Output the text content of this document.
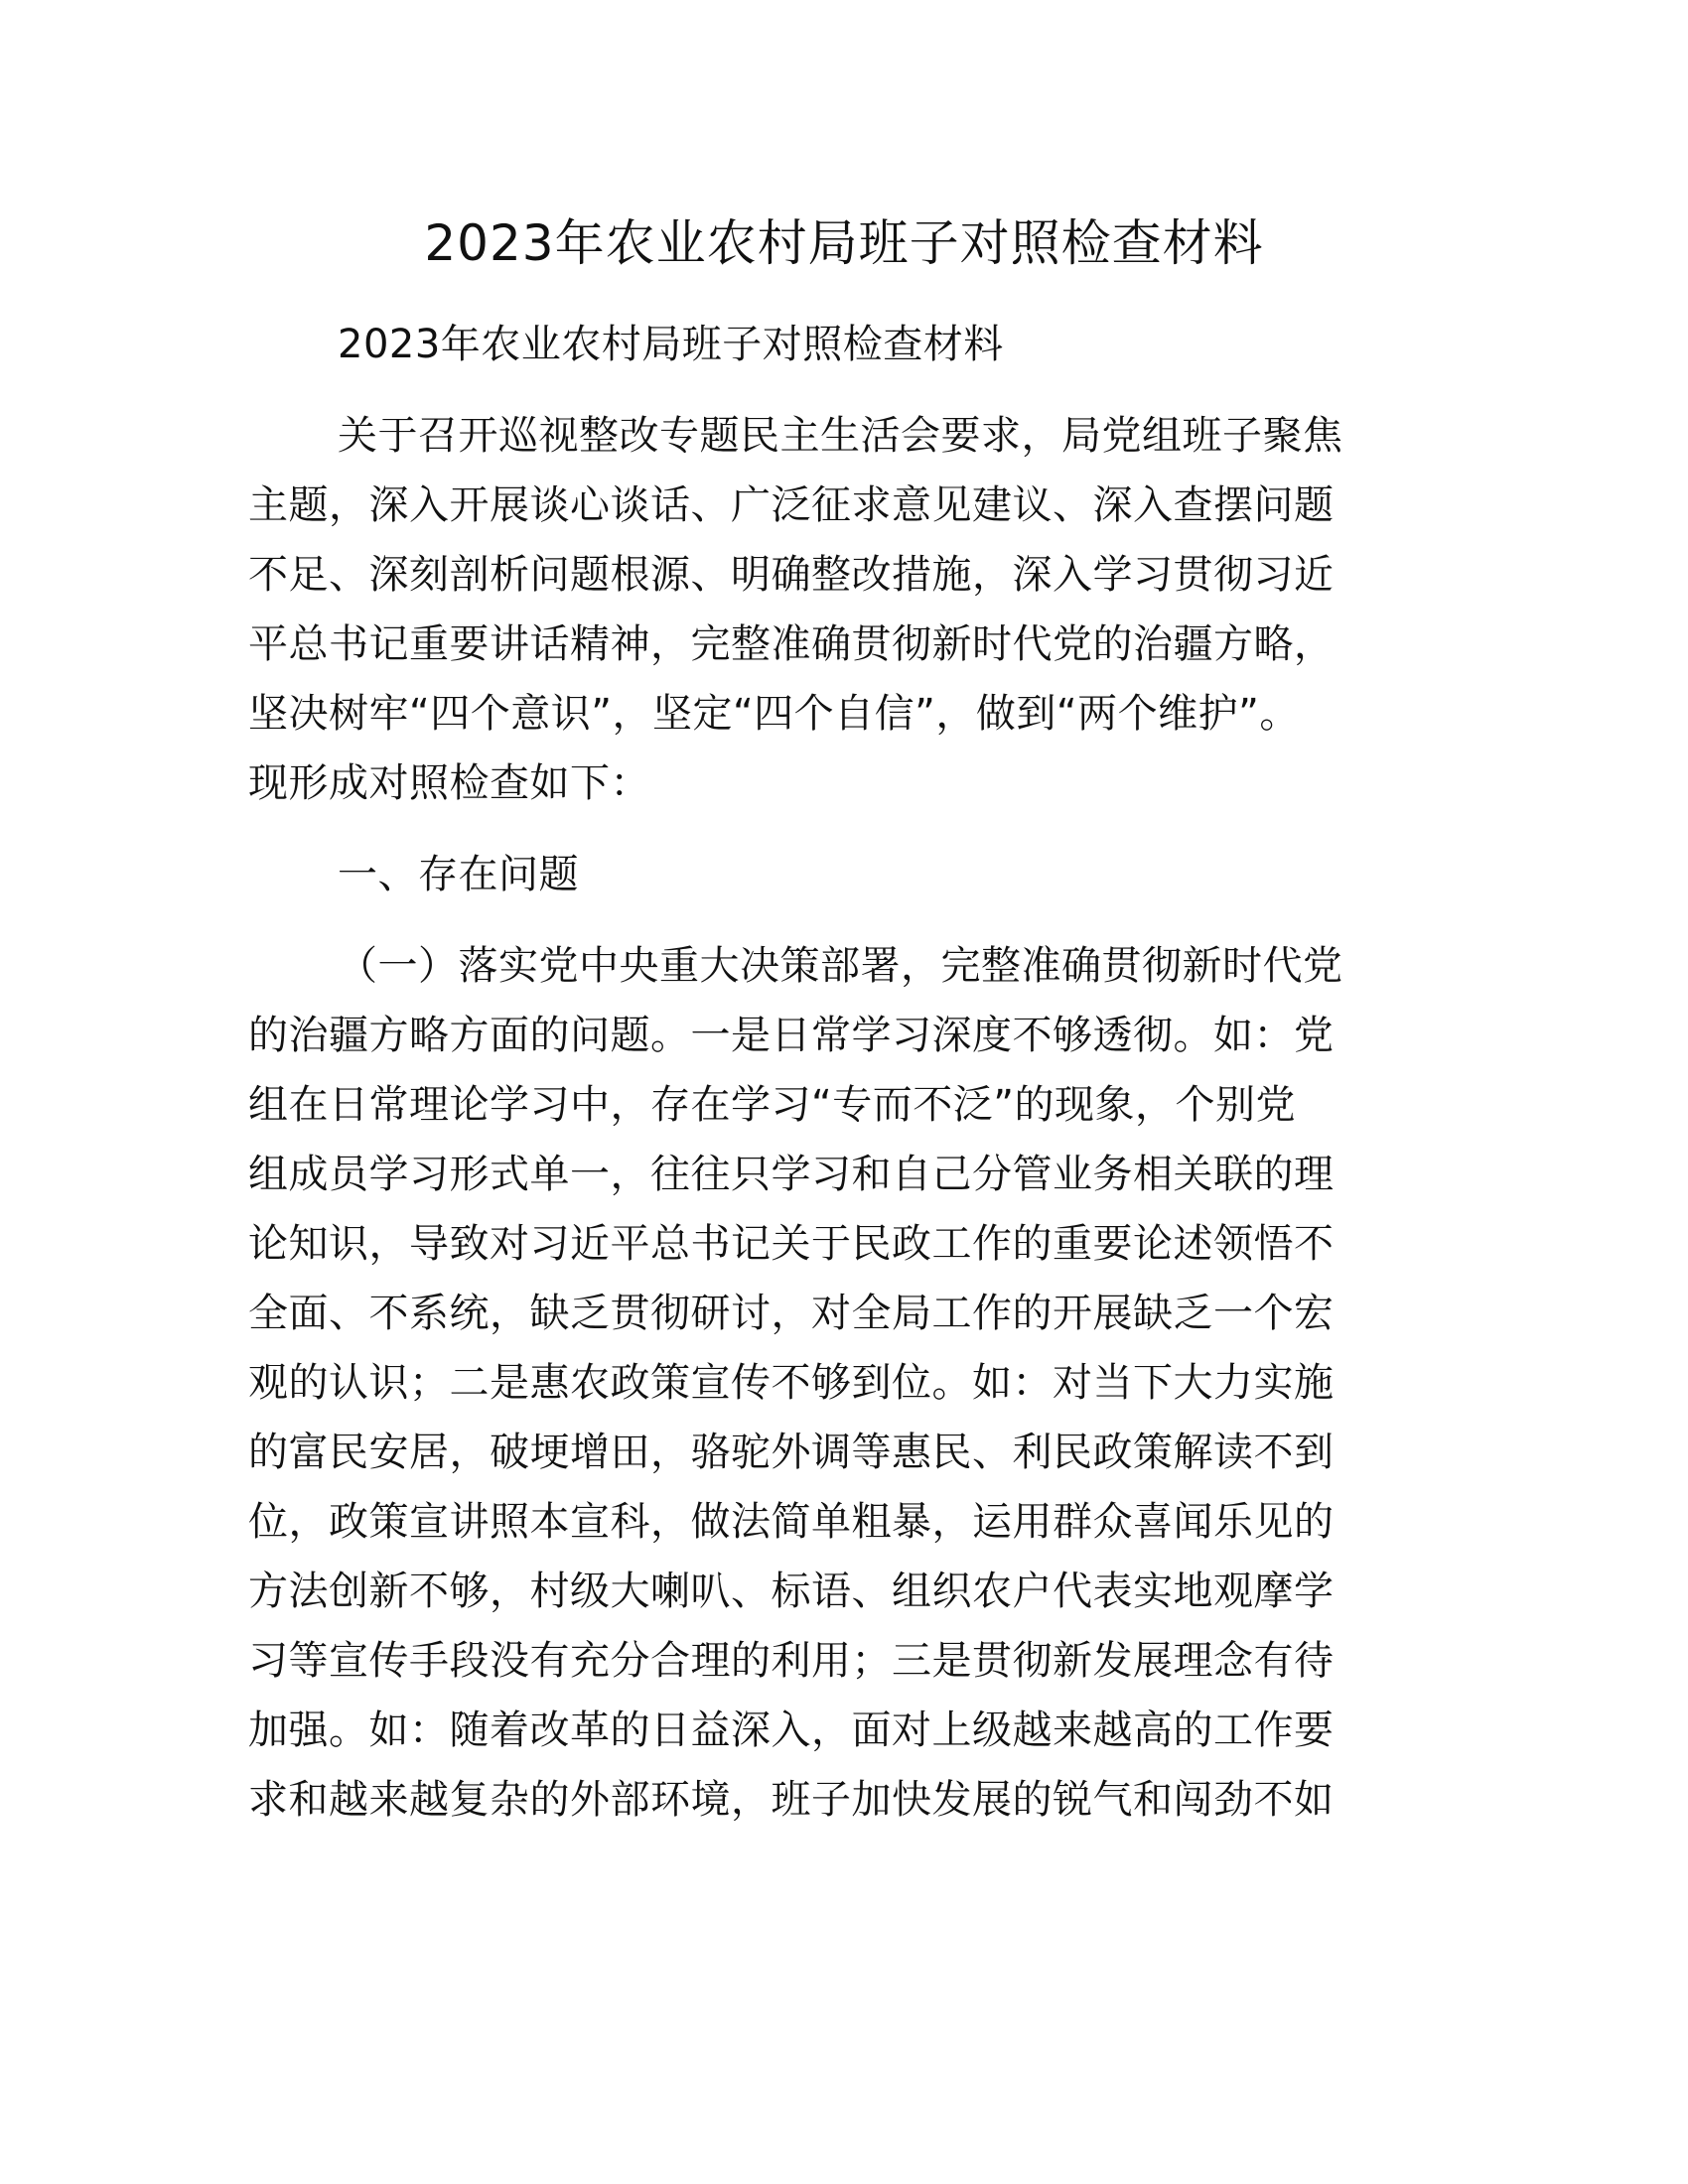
2023年农业农村局班子对照检查材料

2023年农业农村局班子对照检查材料

关于召开巡视整改专题民主生活会要求，局党组班子聚焦
主题，深入开展谈心谈话、广泛征求意见建议、深入查摆问题
不足、深刻剖析问题根源、明确整改措施，深入学习贯彻习近
平总书记重要讲话精神，完整准确贯彻新时代党的治疆方略，
坚决树牢“四个意识”，坚定“四个自信”，做到“两个维护”。
现形成对照检查如下：

一、存在问题

（一）落实党中央重大决策部署，完整准确贯彻新时代党
的治疆方略方面的问题。一是日常学习深度不够透彻。如：党
组在日常理论学习中，存在学习“专而不泛”的现象，个别党
组成员学习形式单一，往往只学习和自己分管业务相关联的理
论知识，导致对习近平总书记关于民政工作的重要论述领悟不
全面、不系统，缺乏贯彻研讨，对全局工作的开展缺乏一个宏
观的认识；二是惠农政策宣传不够到位。如：对当下大力实施
的富民安居，破埂增田，骆驼外调等惠民、利民政策解读不到
位，政策宣讲照本宣科，做法简单粗暴，运用群众喜闻乐见的
方法创新不够，村级大喇叭、标语、组织农户代表实地观摩学
习等宣传手段没有充分合理的利用；三是贯彻新发展理念有待
加强。如：随着改革的日益深入，面对上级越来越高的工作要
求和越来越复杂的外部环境，班子加快发展的锐气和闯劲不如
